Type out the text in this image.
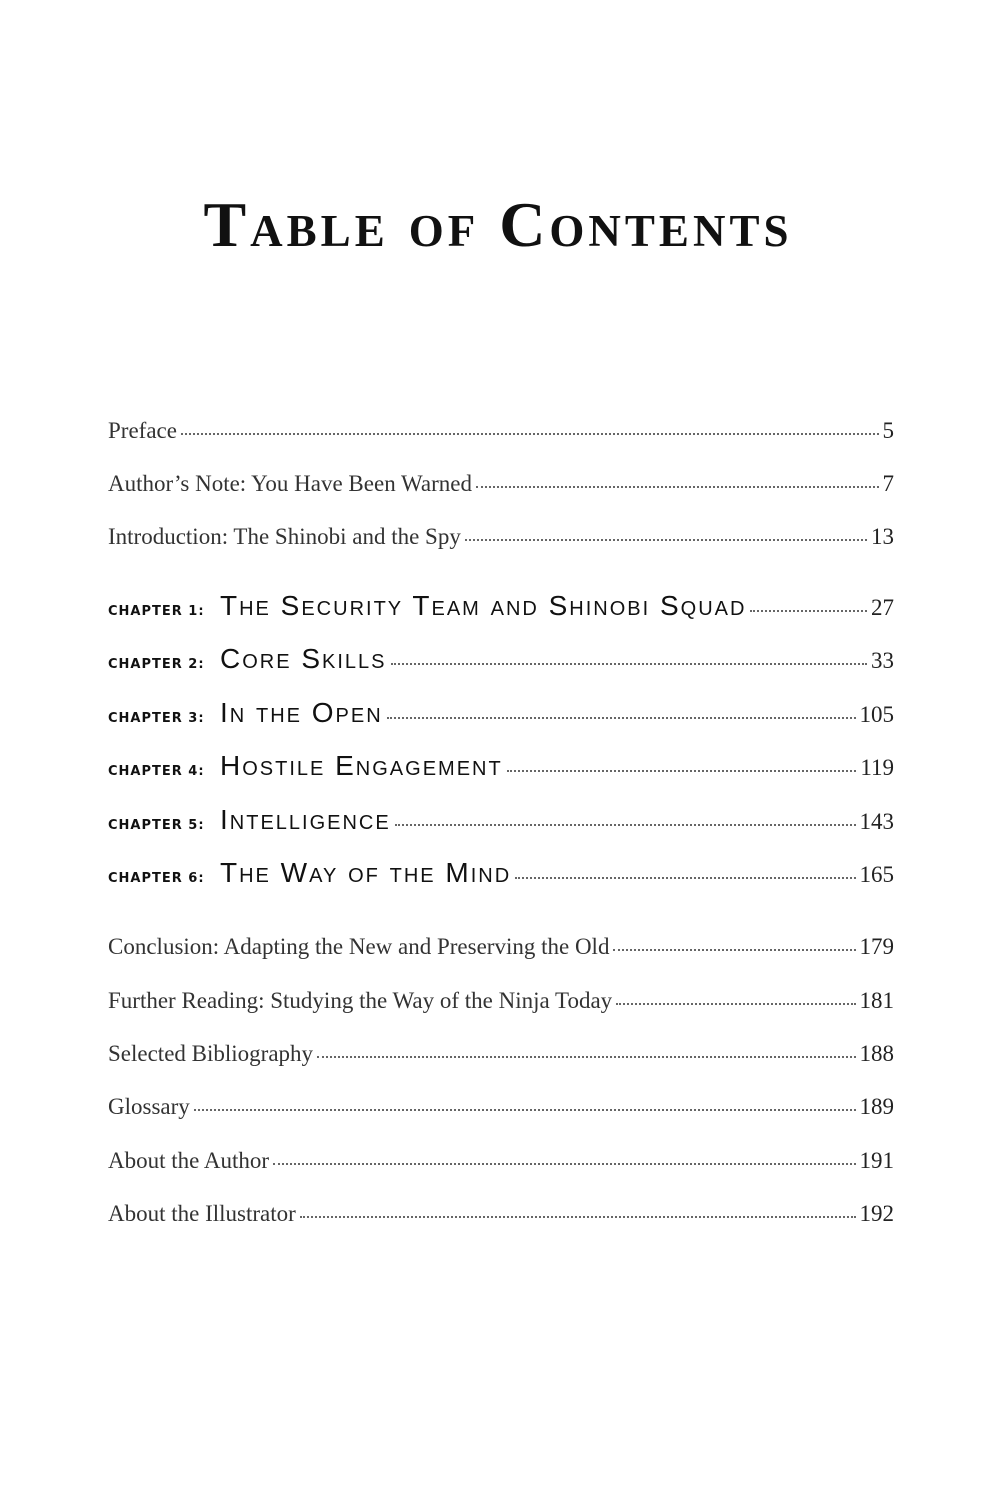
Table of Contents
Preface	5
Author’s Note: You Have Been Warned	7
Introduction: The Shinobi and the Spy	13
CHAPTER 1: The Security Team and Shinobi Squad	27
CHAPTER 2: Core Skills	33
CHAPTER 3: In the Open	105
CHAPTER 4: Hostile Engagement	119
CHAPTER 5: Intelligence	143
CHAPTER 6: The Way of the Mind	165
Conclusion: Adapting the New and Preserving the Old	179
Further Reading: Studying the Way of the Ninja Today	181
Selected Bibliography	188
Glossary	189
About the Author	191
About the Illustrator	192
